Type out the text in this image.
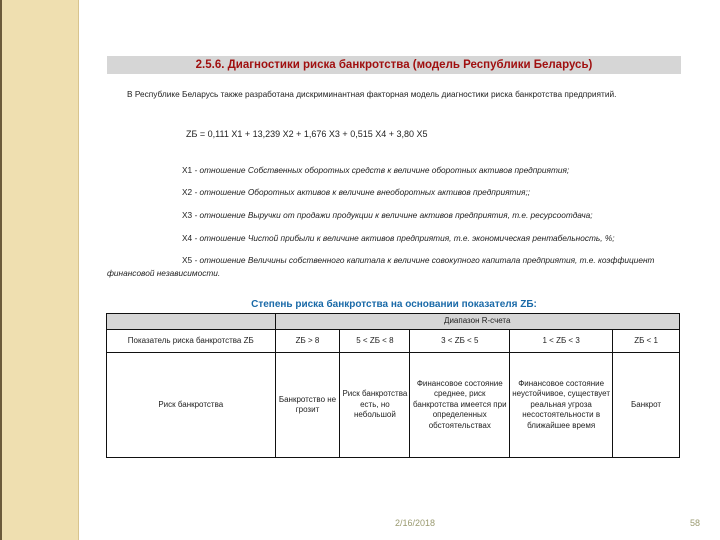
2.5.6. Диагностики риска банкротства (модель Республики Беларусь)
В Республике Беларусь также разработана дискриминантная факторная модель диагностики риска банкротства предприятий.
ZБ = 0,111 X1 + 13,239 X2 + 1,676 X3 + 0,515 X4 + 3,80 X5
X1 - отношение Собственных оборотных средств к величине оборотных активов предприятия;
X2 - отношение Оборотных активов к величине внеоборотных активов предприятия;;
X3 - отношение Выручки от продажи продукции к величине активов предприятия, т.е. ресурсоотдача;
X4 - отношение Чистой прибыли к величине активов предприятия, т.е. экономическая рентабельность, %;
X5 - отношение Величины собственного капитала к величине совокупного капитала предприятия, т.е. коэффициент финансовой независимости.
Степень риска банкротства на основании показателя ZБ:
	Диапазон R-счета				
Показатель риска банкротства ZБ	ZБ > 8	5 < ZБ < 8	3 < ZБ < 5	1 < ZБ < 3	ZБ < 1
Риск банкротства	Банкротство не грозит	Риск банкротства есть, но небольшой	Финансовое состояние среднее, риск банкротства имеется при определенных обстоятельствах	Финансовое состояние неустойчивое, существует реальная угроза несостоятельности в ближайшее время	Банкрот
2/16/2018	58
